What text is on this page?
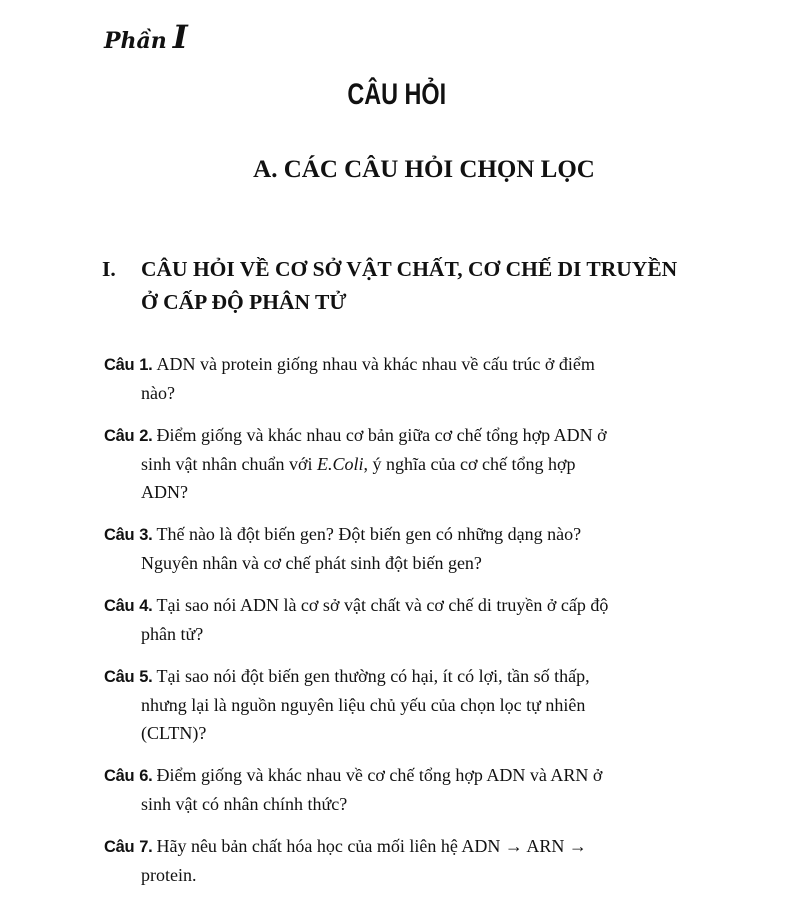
Phần I
CÂU HỎI
A. CÁC CÂU HỎI CHỌN LỌC
I. CÂU HỎI VỀ CƠ SỞ VẬT CHẤT, CƠ CHẾ DI TRUYỀN
Ở CẤP ĐỘ PHÂN TỬ
Câu 1. ADN và protein giống nhau và khác nhau về cấu trúc ở điểm
nào?
Câu 2. Điểm giống và khác nhau cơ bản giữa cơ chế tổng hợp ADN ở
sinh vật nhân chuẩn với E.Coli, ý nghĩa của cơ chế tổng hợp
ADN?
Câu 3. Thế nào là đột biến gen? Đột biến gen có những dạng nào?
Nguyên nhân và cơ chế phát sinh đột biến gen?
Câu 4. Tại sao nói ADN là cơ sở vật chất và cơ chế di truyền ở cấp độ
phân tử?
Câu 5. Tại sao nói đột biến gen thường có hại, ít có lợi, tần số thấp,
nhưng lại là nguồn nguyên liệu chủ yếu của chọn lọc tự nhiên
(CLTN)?
Câu 6. Điểm giống và khác nhau về cơ chế tổng hợp ADN và ARN ở
sinh vật có nhân chính thức?
Câu 7. Hãy nêu bản chất hóa học của mối liên hệ ADN → ARN →
protein.
